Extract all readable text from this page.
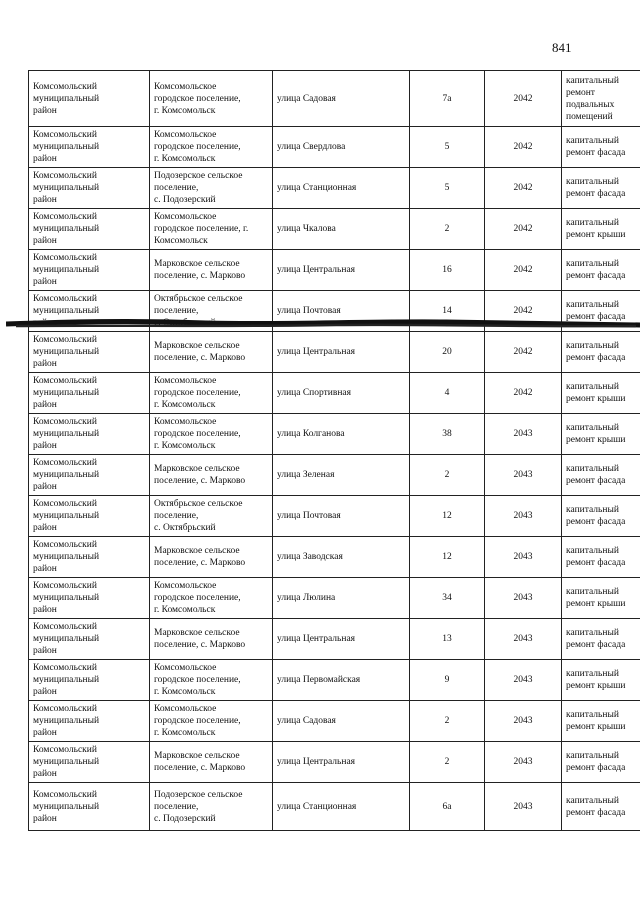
841
Комсомольский
муниципальный
район	Комсомольское
городское поселение,
г. Комсомольск	улица Садовая	7а	2042	капитальный
ремонт
подвальных
помещений
Комсомольский
муниципальный
район	Комсомольское
городское поселение,
г. Комсомольск	улица Свердлова	5	2042	капитальный
ремонт фасада
Комсомольский
муниципальный
район	Подозерское сельское
поселение,
с. Подозерский	улица Станционная	5	2042	капитальный
ремонт фасада
Комсомольский
муниципальный
район	Комсомольское
городское поселение, г.
Комсомольск	улица Чкалова	2	2042	капитальный
ремонт крыши
Комсомольский
муниципальный
район	Марковское сельское
поселение, с. Марково	улица Центральная	16	2042	капитальный
ремонт фасада
Комсомольский
муниципальный
район	Октябрьское сельское
поселение,
с. Октябрьский	улица Почтовая	14	2042	капитальный
ремонт фасада
Комсомольский
муниципальный
район	Марковское сельское
поселение, с. Марково	улица Центральная	20	2042	капитальный
ремонт фасада
Комсомольский
муниципальный
район	Комсомольское
городское поселение,
г. Комсомольск	улица Спортивная	4	2042	капитальный
ремонт крыши
Комсомольский
муниципальный
район	Комсомольское
городское поселение,
г. Комсомольск	улица Колганова	38	2043	капитальный
ремонт крыши
Комсомольский
муниципальный
район	Марковское сельское
поселение, с. Марково	улица Зеленая	2	2043	капитальный
ремонт фасада
Комсомольский
муниципальный
район	Октябрьское сельское
поселение,
с. Октябрьский	улица Почтовая	12	2043	капитальный
ремонт фасада
Комсомольский
муниципальный
район	Марковское сельское
поселение, с. Марково	улица Заводская	12	2043	капитальный
ремонт фасада
Комсомольский
муниципальный
район	Комсомольское
городское поселение,
г. Комсомольск	улица Люлина	34	2043	капитальный
ремонт крыши
Комсомольский
муниципальный
район	Марковское сельское
поселение, с. Марково	улица Центральная	13	2043	капитальный
ремонт фасада
Комсомольский
муниципальный
район	Комсомольское
городское поселение,
г. Комсомольск	улица Первомайская	9	2043	капитальный
ремонт крыши
Комсомольский
муниципальный
район	Комсомольское
городское поселение,
г. Комсомольск	улица Садовая	2	2043	капитальный
ремонт крыши
Комсомольский
муниципальный
район	Марковское сельское
поселение, с. Марково	улица Центральная	2	2043	капитальный
ремонт фасада
Комсомольский
муниципальный
район	Подозерское сельское
поселение,
с. Подозерский	улица Станционная	6а	2043	капитальный
ремонт фасада
